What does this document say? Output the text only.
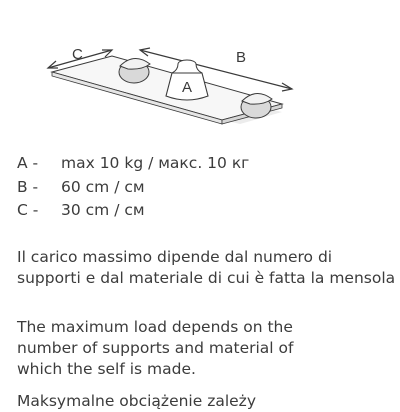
C	B
A
A - max 10 kg / макс. 10 кг
B - 60 cm / см
C - 30 cm / см

Il carico massimo dipende dal numero di supporti e dal materiale di cui è fatta la mensola

The maximum load depends on the number of supports and material of which the self is made.

Maksymalne obciążenie zależy
